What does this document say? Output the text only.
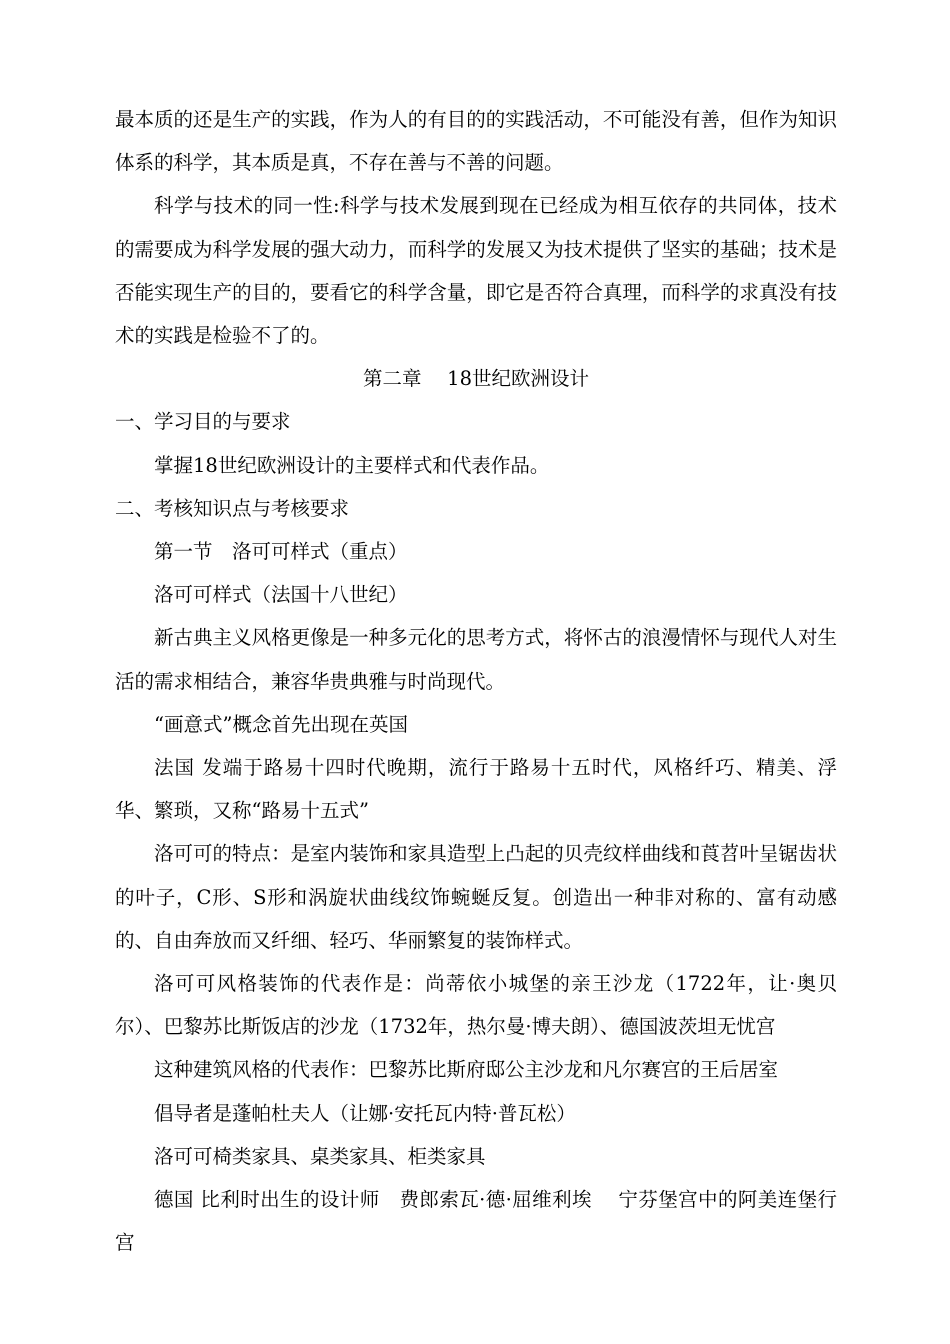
最本质的还是生产的实践，作为人的有目的的实践活动，不可能没有善，但作为知识体系的科学，其本质是真，不存在善与不善的问题。

科学与技术的同一性:科学与技术发展到现在已经成为相互依存的共同体，技术的需要成为科学发展的强大动力，而科学的发展又为技术提供了坚实的基础；技术是否能实现生产的目的，要看它的科学含量，即它是否符合真理，而科学的求真没有技术的实践是检验不了的。

第二章　 18世纪欧洲设计

一、学习目的与要求

掌握18世纪欧洲设计的主要样式和代表作品。

二、考核知识点与考核要求

第一节　洛可可样式（重点）

洛可可样式（法国十八世纪）

新古典主义风格更像是一种多元化的思考方式，将怀古的浪漫情怀与现代人对生活的需求相结合，兼容华贵典雅与时尚现代。

“画意式”概念首先出现在英国

法国 发端于路易十四时代晚期，流行于路易十五时代，风格纤巧、精美、浮华、繁琐，又称“路易十五式”

洛可可的特点：是室内装饰和家具造型上凸起的贝壳纹样曲线和莨苕叶呈锯齿状的叶子，C形、S形和涡旋状曲线纹饰蜿蜒反复。创造出一种非对称的、富有动感的、自由奔放而又纤细、轻巧、华丽繁复的装饰样式。

洛可可风格装饰的代表作是：尚蒂依小城堡的亲王沙龙（1722年，让·奥贝尔）、巴黎苏比斯饭店的沙龙（1732年，热尔曼·博夫朗）、德国波茨坦无忧宫

这种建筑风格的代表作：巴黎苏比斯府邸公主沙龙和凡尔赛宫的王后居室

倡导者是蓬帕杜夫人（让娜·安托瓦内特·普瓦松）

洛可可椅类家具、桌类家具、柜类家具

德国 比利时出生的设计师　费郎索瓦·德·屈维利埃　 宁芬堡宫中的阿美连堡行宫
